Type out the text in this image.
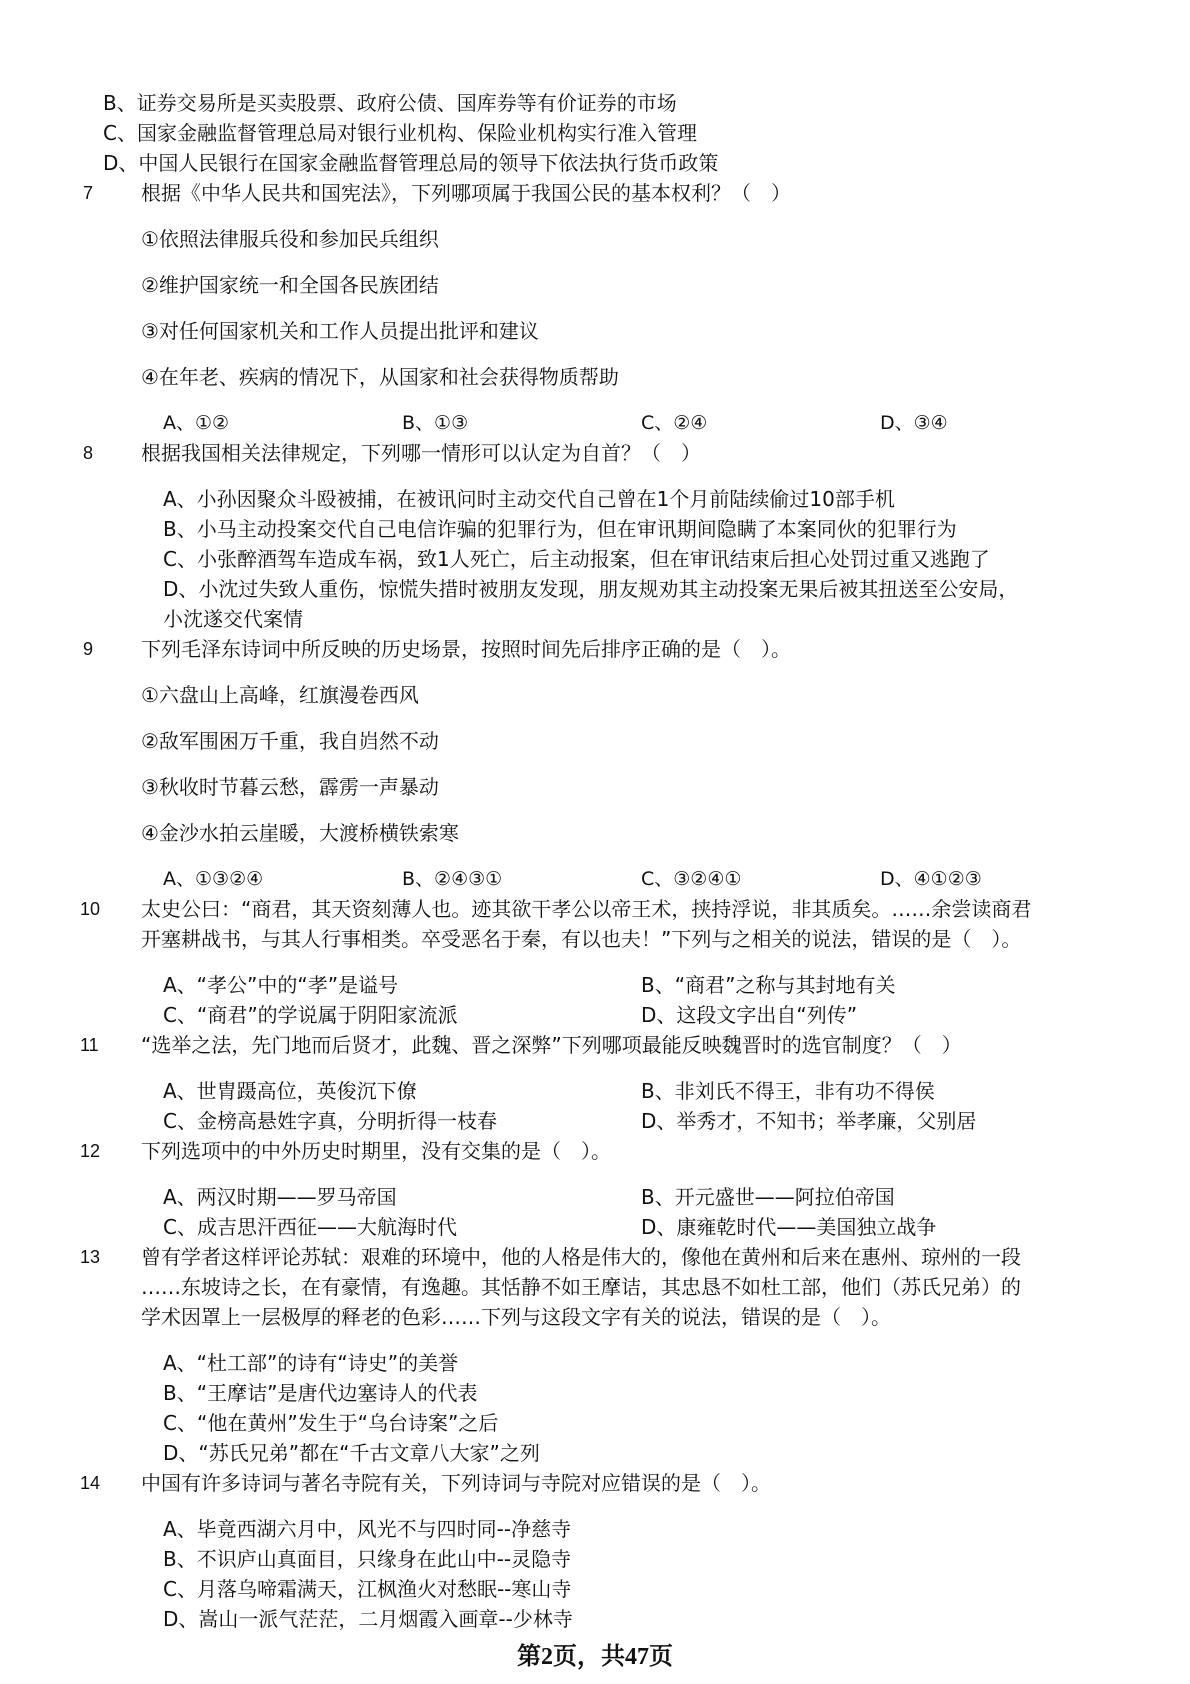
B、证券交易所是买卖股票、政府公债、国库券等有价证券的市场
C、国家金融监督管理总局对银行业机构、保险业机构实行准入管理
D、中国人民银行在国家金融监督管理总局的领导下依法执行货币政策
7 根据《中华人民共和国宪法》，下列哪项属于我国公民的基本权利？（　）
①依照法律服兵役和参加民兵组织
②维护国家统一和全国各民族团结
③对任何国家机关和工作人员提出批评和建议
④在年老、疾病的情况下，从国家和社会获得物质帮助
A、①②	B、①③	C、②④	D、③④
8 根据我国相关法律规定，下列哪一情形可以认定为自首？（　）
A、小孙因聚众斗殴被捕，在被讯问时主动交代自己曾在1个月前陆续偷过10部手机
B、小马主动投案交代自己电信诈骗的犯罪行为，但在审讯期间隐瞒了本案同伙的犯罪行为
C、小张醉酒驾车造成车祸，致1人死亡，后主动报案，但在审讯结束后担心处罚过重又逃跑了
D、小沈过失致人重伤，惊慌失措时被朋友发现，朋友规劝其主动投案无果后被其扭送至公安局，
小沈遂交代案情
9 下列毛泽东诗词中所反映的历史场景，按照时间先后排序正确的是（　）。
①六盘山上高峰，红旗漫卷西风
②敌军围困万千重，我自岿然不动
③秋收时节暮云愁，霹雳一声暴动
④金沙水拍云崖暖，大渡桥横铁索寒
A、①③②④	B、②④③①	C、③②④①	D、④①②③
10 太史公曰：“商君，其天资刻薄人也。迹其欲干孝公以帝王术，挟持浮说，非其质矣。……余尝读商君
开塞耕战书，与其人行事相类。卒受恶名于秦，有以也夫！”下列与之相关的说法，错误的是（　）。
A、“孝公”中的“孝”是谥号	B、“商君”之称与其封地有关
C、“商君”的学说属于阴阳家流派	D、这段文字出自“列传”
11 “选举之法，先门地而后贤才，此魏、晋之深弊”下列哪项最能反映魏晋时的选官制度？（　）
A、世胄蹑高位，英俊沉下僚	B、非刘氏不得王，非有功不得侯
C、金榜高悬姓字真，分明折得一枝春	D、举秀才，不知书；举孝廉，父别居
12 下列选项中的中外历史时期里，没有交集的是（　）。
A、两汉时期——罗马帝国	B、开元盛世——阿拉伯帝国
C、成吉思汗西征——大航海时代	D、康雍乾时代——美国独立战争
13 曾有学者这样评论苏轼：艰难的环境中，他的人格是伟大的，像他在黄州和后来在惠州、琼州的一段
……东坡诗之长，在有豪情，有逸趣。其恬静不如王摩诘，其忠恳不如杜工部，他们（苏氏兄弟）的
学术因罩上一层极厚的释老的色彩……下列与这段文字有关的说法，错误的是（　）。
A、“杜工部”的诗有“诗史”的美誉
B、“王摩诘”是唐代边塞诗人的代表
C、“他在黄州”发生于“乌台诗案”之后
D、“苏氏兄弟”都在“千古文章八大家”之列
14 中国有许多诗词与著名寺院有关，下列诗词与寺院对应错误的是（　）。
A、毕竟西湖六月中，风光不与四时同--净慈寺
B、不识庐山真面目，只缘身在此山中--灵隐寺
C、月落乌啼霜满天，江枫渔火对愁眠--寒山寺
D、嵩山一派气茫茫，二月烟霞入画章--少林寺
第2页，共47页
